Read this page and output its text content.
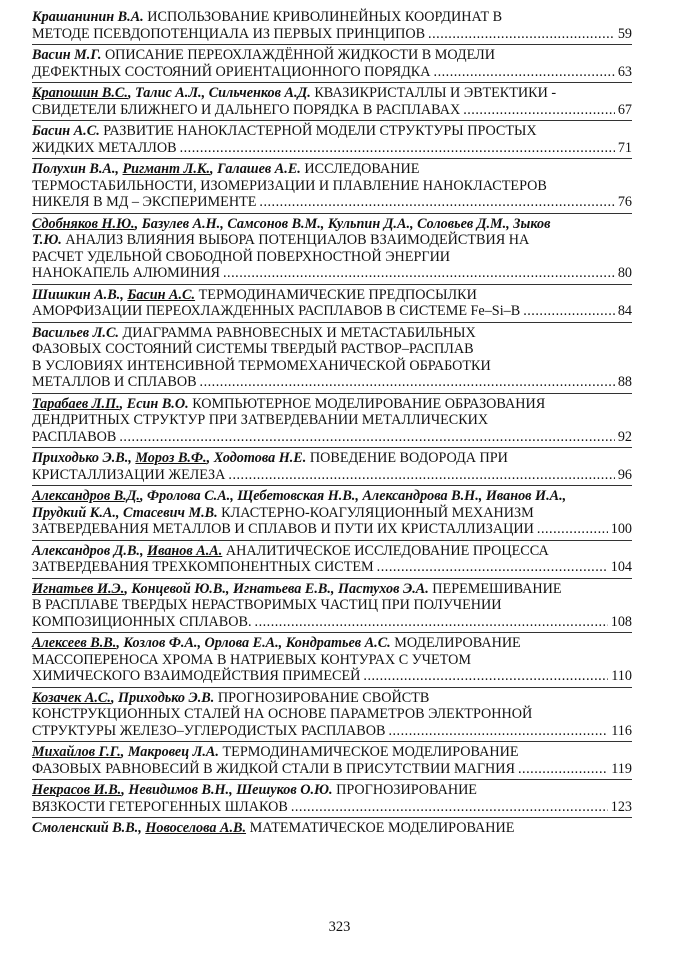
Крашанинин В.А. ИСПОЛЬЗОВАНИЕ КРИВОЛИНЕЙНЫХ КООРДИНАТ В
МЕТОДЕ ПСЕВДОПОТЕНЦИАЛА ИЗ ПЕРВЫХ ПРИНЦИПОВ .....	59
Васин М.Г. ОПИСАНИЕ ПЕРЕОХЛАЖДЁННОЙ ЖИДКОСТИ В МОДЕЛИ
ДЕФЕКТНЫХ СОСТОЯНИЙ ОРИЕНТАЦИОННОГО ПОРЯДКА .....	63
Крапошин В.С., Талис А.Л., Сильченков А.Д. КВАЗИКРИСТАЛЛЫ И ЭВТЕКТИКИ -
СВИДЕТЕЛИ БЛИЖНЕГО И ДАЛЬНЕГО ПОРЯДКА В РАСПЛАВАХ .....	67
Басин А.С. РАЗВИТИЕ НАНОКЛАСТЕРНОЙ МОДЕЛИ СТРУКТУРЫ ПРОСТЫХ
ЖИДКИХ МЕТАЛЛОВ .....	71
Полухин В.А., Ригмант Л.К., Галашев А.Е. ИССЛЕДОВАНИЕ
ТЕРМОСТАБИЛЬНОСТИ, ИЗОМЕРИЗАЦИИ И ПЛАВЛЕНИЕ НАНОКЛАСТЕРОВ
НИКЕЛЯ В МД – ЭКСПЕРИМЕНТЕ .....	76
Сдобняков Н.Ю., Базулев А.Н., Самсонов В.М., Кульпин Д.А., Соловьев Д.М., Зыков
Т.Ю. АНАЛИЗ ВЛИЯНИЯ ВЫБОРА ПОТЕНЦИАЛОВ ВЗАИМОДЕЙСТВИЯ НА
РАСЧЕТ УДЕЛЬНОЙ СВОБОДНОЙ ПОВЕРХНОСТНОЙ ЭНЕРГИИ
НАНОКАПЕЛЬ АЛЮМИНИЯ .....	80
Шишкин А.В., Басин А.С. ТЕРМОДИНАМИЧЕСКИЕ ПРЕДПОСЫЛКИ
АМОРФИЗАЦИИ ПЕРЕОХЛАЖДЕННЫХ РАСПЛАВОВ В СИСТЕМЕ Fe–Si–B .....	84
Васильев Л.С. ДИАГРАММА РАВНОВЕСНЫХ И МЕТАСТАБИЛЬНЫХ
ФАЗОВЫХ СОСТОЯНИЙ СИСТЕМЫ ТВЕРДЫЙ РАСТВОР–РАСПЛАВ
В УСЛОВИЯХ ИНТЕНСИВНОЙ ТЕРМОМЕХАНИЧЕСКОЙ ОБРАБОТКИ
МЕТАЛЛОВ И СПЛАВОВ .....	88
Тарабаев Л.П., Есин В.О. КОМПЬЮТЕРНОЕ МОДЕЛИРОВАНИЕ ОБРАЗОВАНИЯ
ДЕНДРИТНЫХ СТРУКТУР ПРИ ЗАТВЕРДЕВАНИИ МЕТАЛЛИЧЕСКИХ
РАСПЛАВОВ .....	92
Приходько Э.В., Мороз В.Ф., Ходотова Н.Е. ПОВЕДЕНИЕ ВОДОРОДА ПРИ
КРИСТАЛЛИЗАЦИИ ЖЕЛЕЗА .....	96
Александров В.Д., Фролова С.А., Щебетовская Н.В., Александрова В.Н., Иванов И.А.,
Прудкий К.А., Стасевич М.В. КЛАСТЕРНО-КОАГУЛЯЦИОННЫЙ МЕХАНИЗМ
ЗАТВЕРДЕВАНИЯ МЕТАЛЛОВ И СПЛАВОВ И ПУТИ ИХ КРИСТАЛЛИЗАЦИИ .....	100
Александров Д.В., Иванов А.А. АНАЛИТИЧЕСКОЕ ИССЛЕДОВАНИЕ ПРОЦЕССА
ЗАТВЕРДЕВАНИЯ ТРЕХКОМПОНЕНТНЫХ СИСТЕМ .....	104
Игнатьев И.Э., Концевой Ю.В., Игнатьева Е.В., Пастухов Э.А. ПЕРЕМЕШИВАНИЕ
В РАСПЛАВЕ ТВЕРДЫХ НЕРАСТВОРИМЫХ ЧАСТИЦ ПРИ ПОЛУЧЕНИИ
КОМПОЗИЦИОННЫХ СПЛАВОВ. .....	108
Алексеев В.В., Козлов Ф.А., Орлова Е.А., Кондратьев А.С. МОДЕЛИРОВАНИЕ
МАССОПЕРЕНОСА ХРОМА В НАТРИЕВЫХ КОНТУРАХ С УЧЕТОМ
ХИМИЧЕСКОГО ВЗАИМОДЕЙСТВИЯ ПРИМЕСЕЙ .....	110
Козачек А.С., Приходько Э.В. ПРОГНОЗИРОВАНИЕ СВОЙСТВ
КОНСТРУКЦИОННЫХ СТАЛЕЙ НА ОСНОВЕ ПАРАМЕТРОВ ЭЛЕКТРОННОЙ
СТРУКТУРЫ ЖЕЛЕЗО–УГЛЕРОДИСТЫХ РАСПЛАВОВ .....	116
Михайлов Г.Г., Макровец Л.А. ТЕРМОДИНАМИЧЕСКОЕ МОДЕЛИРОВАНИЕ
ФАЗОВЫХ РАВНОВЕСИЙ В ЖИДКОЙ СТАЛИ В ПРИСУТСТВИИ МАГНИЯ .....	119
Некрасов И.В., Невидимов В.Н., Шешуков О.Ю. ПРОГНОЗИРОВАНИЕ
ВЯЗКОСТИ ГЕТЕРОГЕННЫХ ШЛАКОВ .....	123
Смоленский В.В., Новоселова А.В. МАТЕМАТИЧЕСКОЕ МОДЕЛИРОВАНИЕ
323
